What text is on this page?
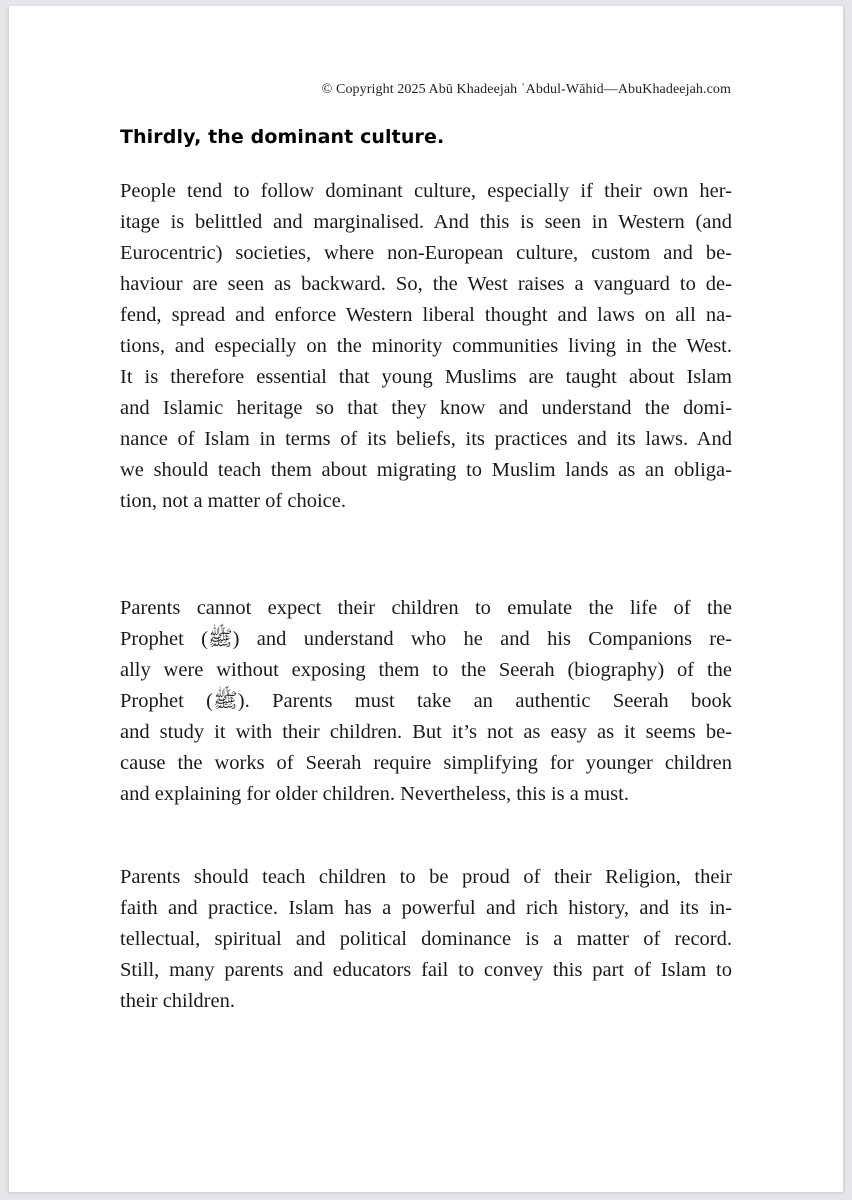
© Copyright 2025 Abū Khadeejah ʿAbdul-Wāhid—AbuKhadeejah.com
Thirdly, the dominant culture.
People tend to follow dominant culture, especially if their own her-
itage is belittled and marginalised. And this is seen in Western (and
Eurocentric) societies, where non-European culture, custom and be-
haviour are seen as backward. So, the West raises a vanguard to de-
fend, spread and enforce Western liberal thought and laws on all na-
tions, and especially on the minority communities living in the West.
It is therefore essential that young Muslims are taught about Islam
and Islamic heritage so that they know and understand the domi-
nance of Islam in terms of its beliefs, its practices and its laws. And
we should teach them about migrating to Muslim lands as an obliga-
tion, not a matter of choice.
Parents cannot expect their children to emulate the life of the
Prophet (ﷺ) and understand who he and his Companions re-
ally were without exposing them to the Seerah (biography) of the
Prophet (ﷺ). Parents must take an authentic Seerah book
and study it with their children. But it’s not as easy as it seems be-
cause the works of Seerah require simplifying for younger children
and explaining for older children. Nevertheless, this is a must.
Parents should teach children to be proud of their Religion, their
faith and practice. Islam has a powerful and rich history, and its in-
tellectual, spiritual and political dominance is a matter of record.
Still, many parents and educators fail to convey this part of Islam to
their children.
